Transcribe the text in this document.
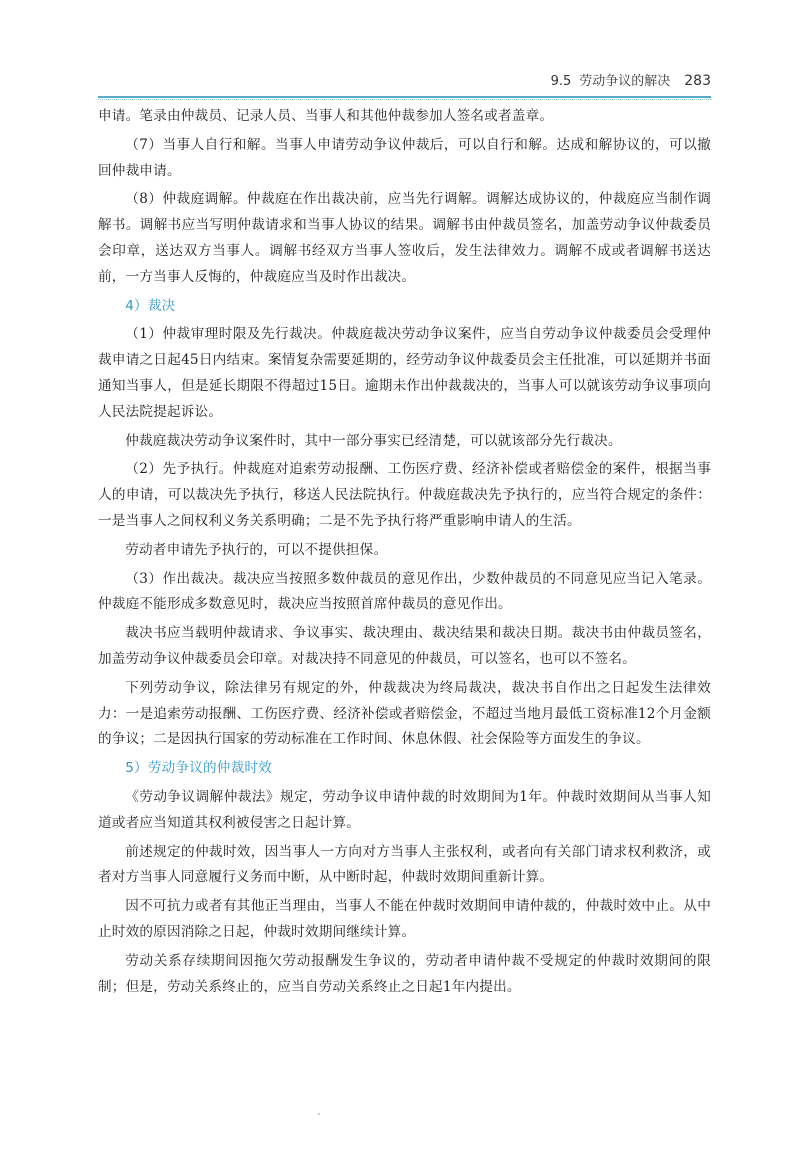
9.5 劳动争议的解决 283

申请。笔录由仲裁员、记录人员、当事人和其他仲裁参加人签名或者盖章。

（7）当事人自行和解。当事人申请劳动争议仲裁后，可以自行和解。达成和解协议的，可以撤回仲裁申请。

（8）仲裁庭调解。仲裁庭在作出裁决前，应当先行调解。调解达成协议的，仲裁庭应当制作调解书。调解书应当写明仲裁请求和当事人协议的结果。调解书由仲裁员签名，加盖劳动争议仲裁委员会印章，送达双方当事人。调解书经双方当事人签收后，发生法律效力。调解不成或者调解书送达前，一方当事人反悔的，仲裁庭应当及时作出裁决。

4）裁决

（1）仲裁审理时限及先行裁决。仲裁庭裁决劳动争议案件，应当自劳动争议仲裁委员会受理仲裁申请之日起45日内结束。案情复杂需要延期的，经劳动争议仲裁委员会主任批准，可以延期并书面通知当事人，但是延长期限不得超过15日。逾期未作出仲裁裁决的，当事人可以就该劳动争议事项向人民法院提起诉讼。

仲裁庭裁决劳动争议案件时，其中一部分事实已经清楚，可以就该部分先行裁决。

（2）先予执行。仲裁庭对追索劳动报酬、工伤医疗费、经济补偿或者赔偿金的案件，根据当事人的申请，可以裁决先予执行，移送人民法院执行。仲裁庭裁决先予执行的，应当符合规定的条件：一是当事人之间权利义务关系明确；二是不先予执行将严重影响申请人的生活。

劳动者申请先予执行的，可以不提供担保。

（3）作出裁决。裁决应当按照多数仲裁员的意见作出，少数仲裁员的不同意见应当记入笔录。仲裁庭不能形成多数意见时，裁决应当按照首席仲裁员的意见作出。

裁决书应当载明仲裁请求、争议事实、裁决理由、裁决结果和裁决日期。裁决书由仲裁员签名，加盖劳动争议仲裁委员会印章。对裁决持不同意见的仲裁员，可以签名，也可以不签名。

下列劳动争议，除法律另有规定的外，仲裁裁决为终局裁决，裁决书自作出之日起发生法律效力：一是追索劳动报酬、工伤医疗费、经济补偿或者赔偿金，不超过当地月最低工资标准12个月金额的争议；二是因执行国家的劳动标准在工作时间、休息休假、社会保险等方面发生的争议。

5）劳动争议的仲裁时效

《劳动争议调解仲裁法》规定，劳动争议申请仲裁的时效期间为1年。仲裁时效期间从当事人知道或者应当知道其权利被侵害之日起计算。

前述规定的仲裁时效，因当事人一方向对方当事人主张权利，或者向有关部门请求权利救济，或者对方当事人同意履行义务而中断，从中断时起，仲裁时效期间重新计算。

因不可抗力或者有其他正当理由，当事人不能在仲裁时效期间申请仲裁的，仲裁时效中止。从中止时效的原因消除之日起，仲裁时效期间继续计算。

劳动关系存续期间因拖欠劳动报酬发生争议的，劳动者申请仲裁不受规定的仲裁时效期间的限制；但是，劳动关系终止的，应当自劳动关系终止之日起1年内提出。
